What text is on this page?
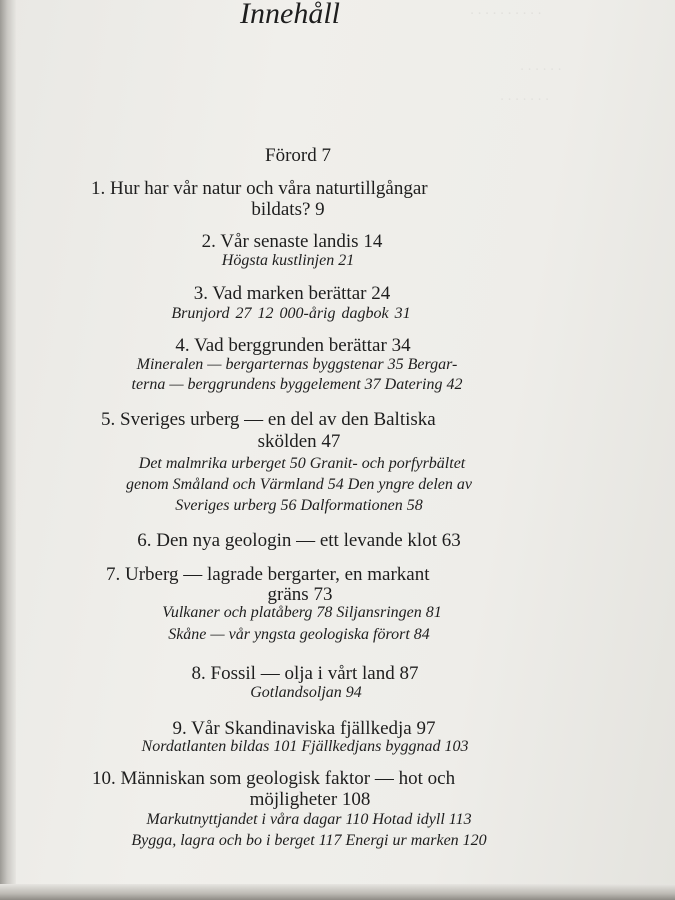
· · · · · · · · · ·
· · · · · ·
· · · · · · ·
Innehåll
Förord 7
1. Hur har vår natur och våra naturtillgångar
bildats? 9
2. Vår senaste landis 14
Högsta kustlinjen 21
3. Vad marken berättar 24
Brunjord 27 12 000-årig dagbok 31
4. Vad berggrunden berättar 34
Mineralen — bergarternas byggstenar 35 Bergar-
terna — berggrundens byggelement 37 Datering 42
5. Sveriges urberg — en del av den Baltiska
skölden 47
Det malmrika urberget 50 Granit- och porfyrbältet
genom Småland och Värmland 54 Den yngre delen av
Sveriges urberg 56 Dalformationen 58
6. Den nya geologin — ett levande klot 63
7. Urberg — lagrade bergarter, en markant
gräns 73
Vulkaner och platåberg 78 Siljansringen 81
Skåne — vår yngsta geologiska förort 84
8. Fossil — olja i vårt land 87
Gotlandsoljan 94
9. Vår Skandinaviska fjällkedja 97
Nordatlanten bildas 101 Fjällkedjans byggnad 103
10. Människan som geologisk faktor — hot och
möjligheter 108
Markutnyttjandet i våra dagar 110 Hotad idyll 113
Bygga, lagra och bo i berget 117 Energi ur marken 120
